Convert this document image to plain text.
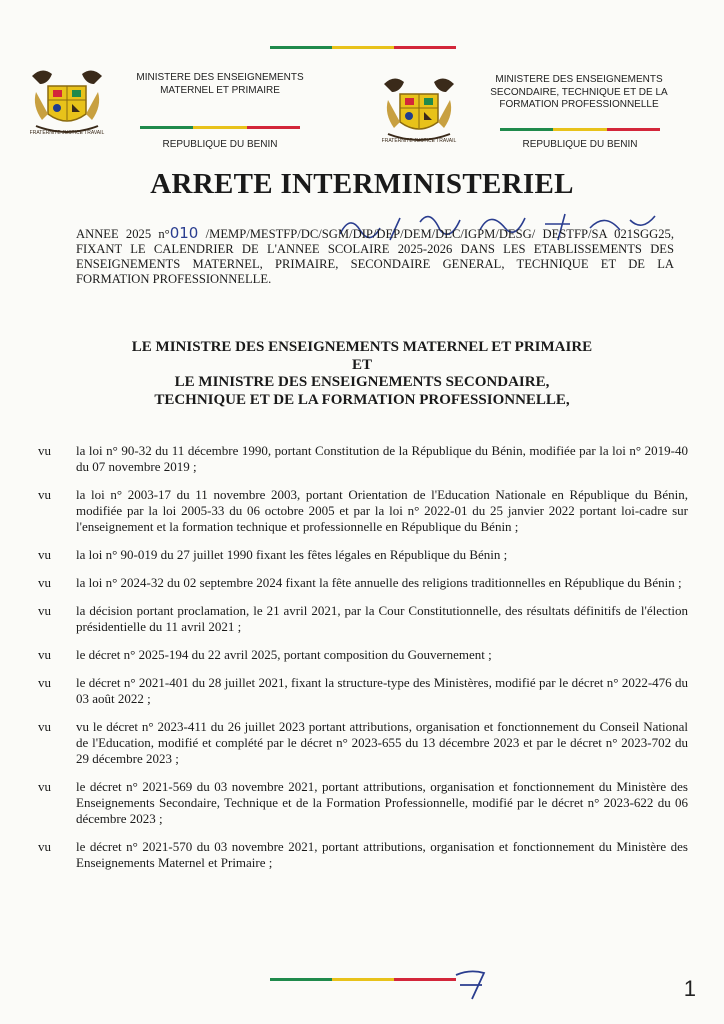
FRATERNITE JUSTICE TRAVAIL
MINISTERE DES ENSEIGNEMENTS
MATERNEL ET PRIMAIRE
REPUBLIQUE DU BENIN	FRATERNITE JUSTICE TRAVAIL
MINISTERE DES ENSEIGNEMENTS
SECONDAIRE, TECHNIQUE ET DE LA
FORMATION PROFESSIONNELLE
REPUBLIQUE DU BENIN
ARRETE INTERMINISTERIEL
ANNEE 2025 n°010 /MEMP/MESTFP/DC/SGM/DIP/DEP/DEM/DEC/IGPM/DESG/ DESTFP/SA 021SGG25, FIXANT LE CALENDRIER DE L'ANNEE SCOLAIRE 2025-2026 DANS LES ETABLISSEMENTS DES ENSEIGNEMENTS MATERNEL, PRIMAIRE, SECONDAIRE GENERAL, TECHNIQUE ET DE LA FORMATION PROFESSIONNELLE.
LE MINISTRE DES ENSEIGNEMENTS MATERNEL ET PRIMAIRE
ET
LE MINISTRE DES ENSEIGNEMENTS SECONDAIRE,
TECHNIQUE ET DE LA FORMATION PROFESSIONNELLE,
vu	la loi n° 90-32 du 11 décembre 1990, portant Constitution de la République du Bénin, modifiée par la loi n° 2019-40 du 07 novembre 2019 ;
vu	la loi n° 2003-17 du 11 novembre 2003, portant Orientation de l'Education Nationale en République du Bénin, modifiée par la loi 2005-33 du 06 octobre 2005 et par la loi n° 2022-01 du 25 janvier 2022 portant loi-cadre sur l'enseignement et la formation technique et professionnelle en République du Bénin ;
vu	la loi n° 90-019 du 27 juillet 1990 fixant les fêtes légales en République du Bénin ;
vu	la loi n° 2024-32 du 02 septembre 2024 fixant la fête annuelle des religions traditionnelles en République du Bénin ;
vu	la décision portant proclamation, le 21 avril 2021, par la Cour Constitutionnelle, des résultats définitifs de l'élection présidentielle du 11 avril 2021 ;
vu	le décret n° 2025-194 du 22 avril 2025, portant composition du Gouvernement ;
vu	le décret n° 2021-401 du 28 juillet 2021, fixant la structure-type des Ministères, modifié par le décret n° 2022-476 du 03 août 2022 ;
vu	vu le décret n° 2023-411 du 26 juillet 2023 portant attributions, organisation et fonctionnement du Conseil National de l'Education, modifié et complété par le décret n° 2023-655 du 13 décembre 2023 et par le décret n° 2023-702 du 29 décembre 2023 ;
vu	le décret n° 2021-569 du 03 novembre 2021, portant attributions, organisation et fonctionnement du Ministère des Enseignements Secondaire, Technique et de la Formation Professionnelle, modifié par le décret n° 2023-622 du 06 décembre 2023 ;
vu	le décret n° 2021-570 du 03 novembre 2021, portant attributions, organisation et fonctionnement du Ministère des Enseignements Maternel et Primaire ;
1
